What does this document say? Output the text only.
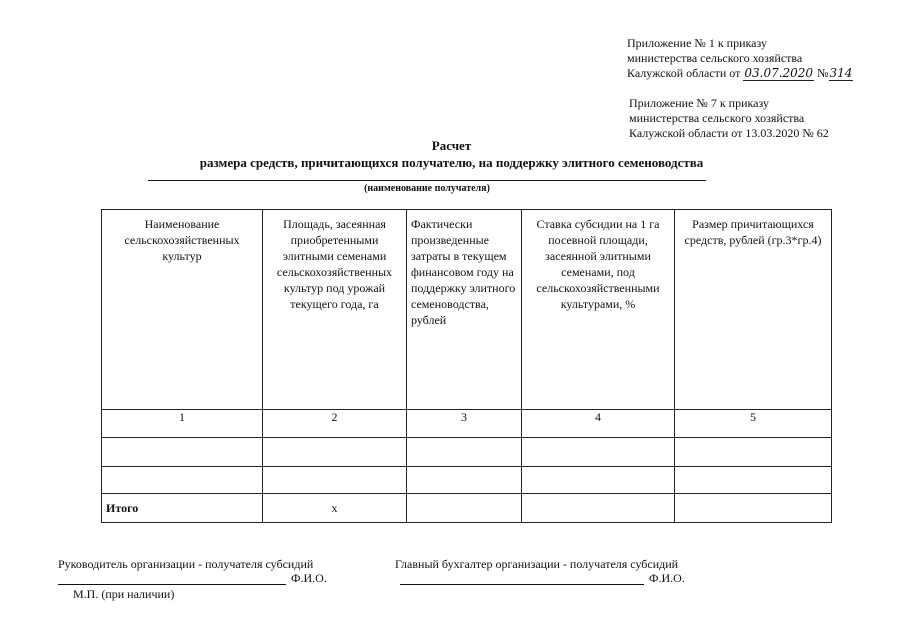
Приложение № 1 к приказу
министерства сельского хозяйства
Калужской области от 03.07.2020 №314
Приложение № 7 к приказу
министерства сельского хозяйства
Калужской области от 13.03.2020 № 62
Расчет
размера средств, причитающихся получателю, на поддержку элитного семеноводства
(наименование получателя)
Наименование сельскохозяйственных культур	Площадь, засеянная приобретенными элитными семенами сельскохозяйственных культур под урожай текущего года, га	Фактически произведенные затраты в текущем финансовом году на поддержку элитного семеноводства, рублей	Ставка субсидии на 1 га посевной площади, засеянной элитными семенами, под сельскохозяйственными культурами, %	Размер причитающихся средств, рублей (гр.3*гр.4)

1	2	3	4	5

Итого	х			
Руководитель организации - получателя субсидий
Ф.И.О.
М.П. (при наличии)
Главный бухгалтер организации - получателя субсидий
Ф.И.О.
